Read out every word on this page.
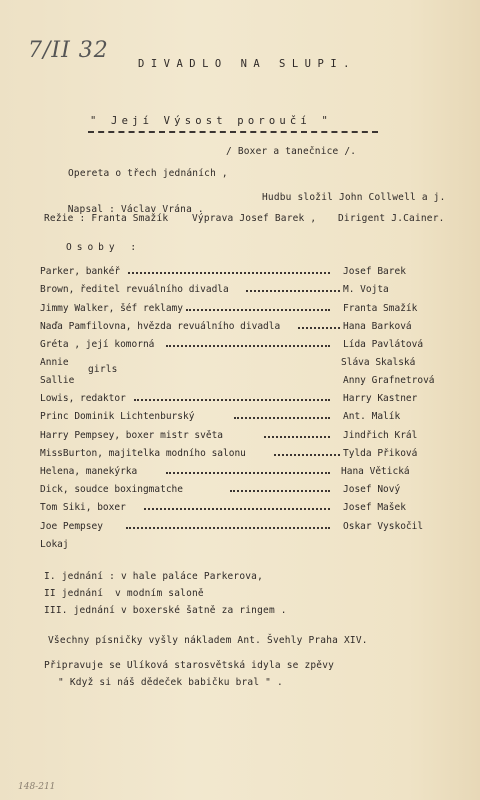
7/II 32
DIVADLO NA SLUPI.
" Její Výsost poroučí "
/ Boxer a tanečnice /.
Opereta o třech jednáních ,

Napsal : Václav Vrána .

Hudbu složil John Collwell a j.
Režie : Franta Smažík Výprava Josef Barek , Dirigent J.Cainer.
Osoby :
Parker, bankéř	Josef Barek
Brown, ředitel revuálního divadla	M. Vojta
Jimmy Walker, šéf reklamy	Franta Smažík
Naďa Pamfilovna, hvězda revuálního divadla	Hana Barková
Gréta , její komorná	Lída Pavlátová
Annie	Sláva Skalská
Sallie	Anny Grafnetrová
Lowis, redaktor	Harry Kastner
Princ Dominik Lichtenburský	Ant. Malík
Harry Pempsey, boxer mistr světa	Jindřich Král
MissBurton, majitelka modního salonu	Tylda Přiková
Helena, manekýrka	Hana Větická
Dick, soudce boxingmatche	Josef Nový
Tom Siki, boxer	Josef Mašek
Joe Pempsey	Oskar Vyskočil
Lokaj
girls
I. jednání : v hale paláce Parkerova,
II jednání  v modním saloně
III. jednání v boxerské šatně za ringem .
Všechny písničky vyšly nákladem Ant. Švehly Praha XIV.
Připravuje se Ulíková starosvětská idyla se zpěvy
" Když si náš dědeček babičku bral " .
148-211
